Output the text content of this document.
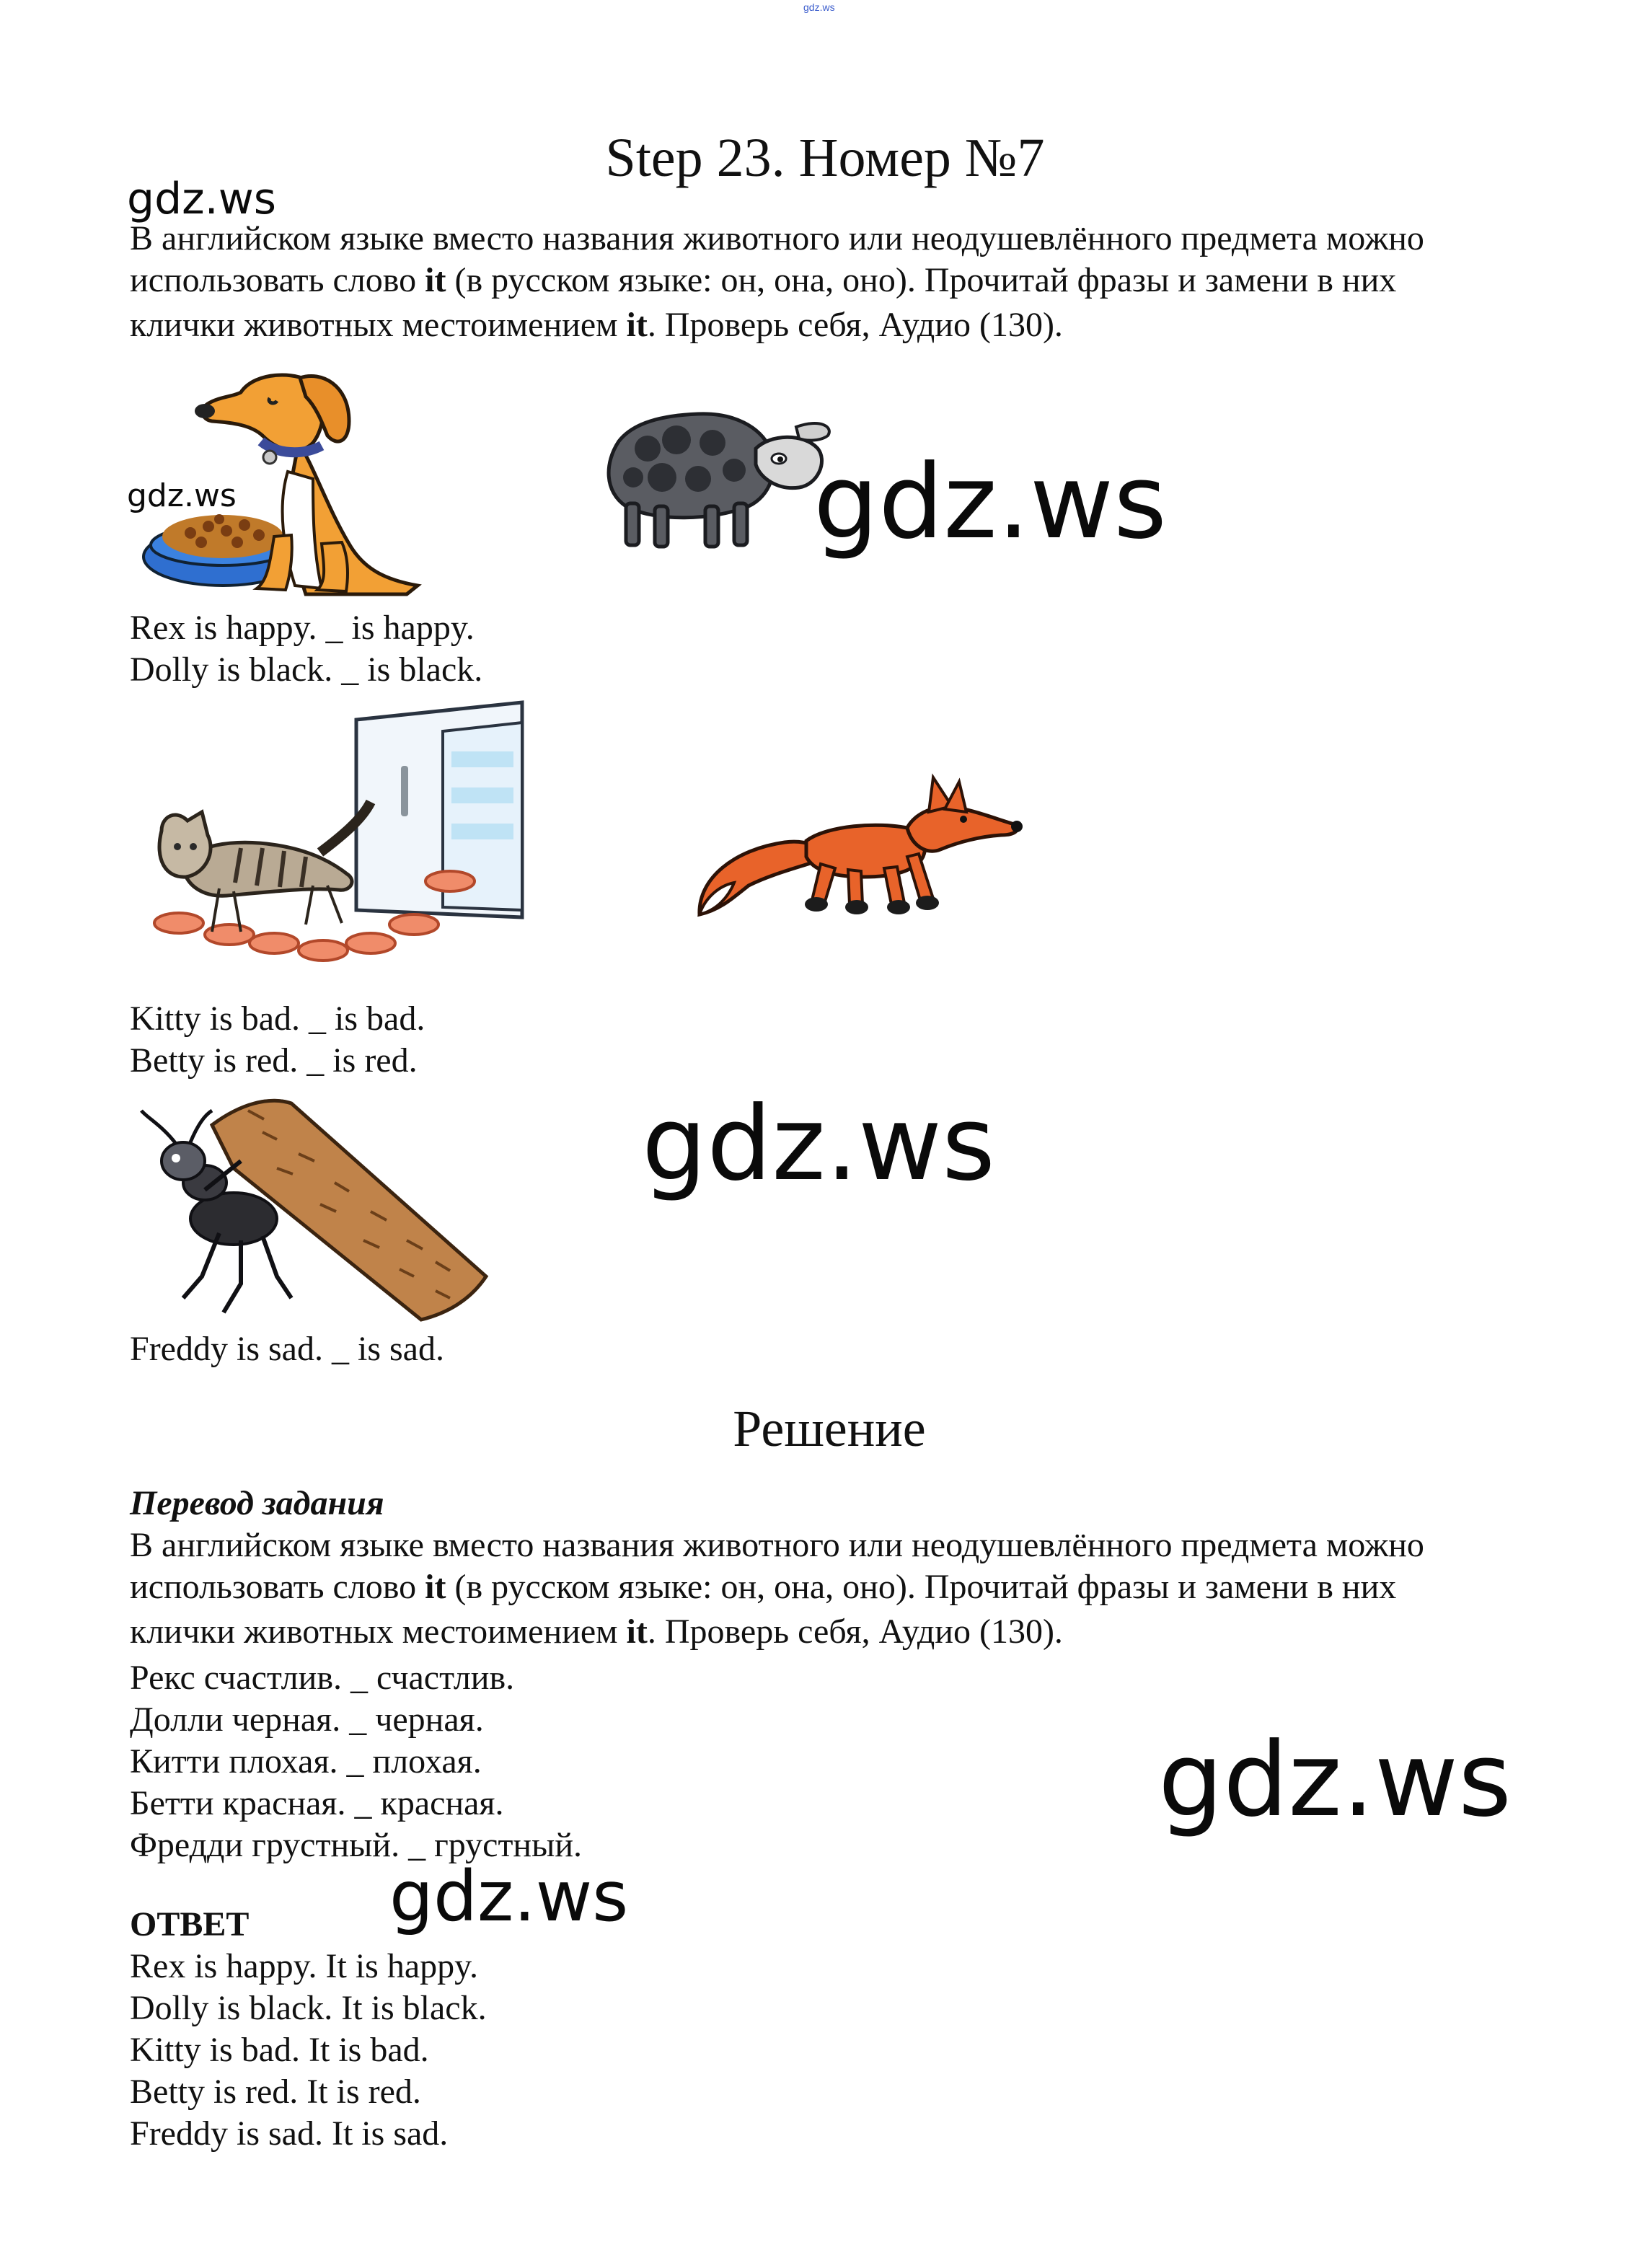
gdz.ws
Step 23. Номер №7
gdz.ws
В английском языке вместо названия животного или неодушевлённого предмета можно
использовать слово it (в русском языке: он, она, оно). Прочитай фразы и замени в них
клички животных местоимением it. Проверь себя, Аудио (130).
gdz.ws	gdz.ws
Rex is happy. _ is happy.
Dolly is black. _ is black.
Kitty is bad. _ is bad.
Betty is red. _ is red.
gdz.ws
Freddy is sad. _ is sad.
Решение
Перевод задания
В английском языке вместо названия животного или неодушевлённого предмета можно
использовать слово it (в русском языке: он, она, оно). Прочитай фразы и замени в них
клички животных местоимением it. Проверь себя, Аудио (130).
Рекс счастлив. _ счастлив.
Долли черная. _ черная.
Китти плохая. _ плохая.
Бетти красная. _ красная.
Фредди грустный. _ грустный.
gdz.ws
gdz.ws
ОТВЕТ
Rex is happy. It is happy.
Dolly is black. It is black.
Kitty is bad. It is bad.
Betty is red. It is red.
Freddy is sad. It is sad.
